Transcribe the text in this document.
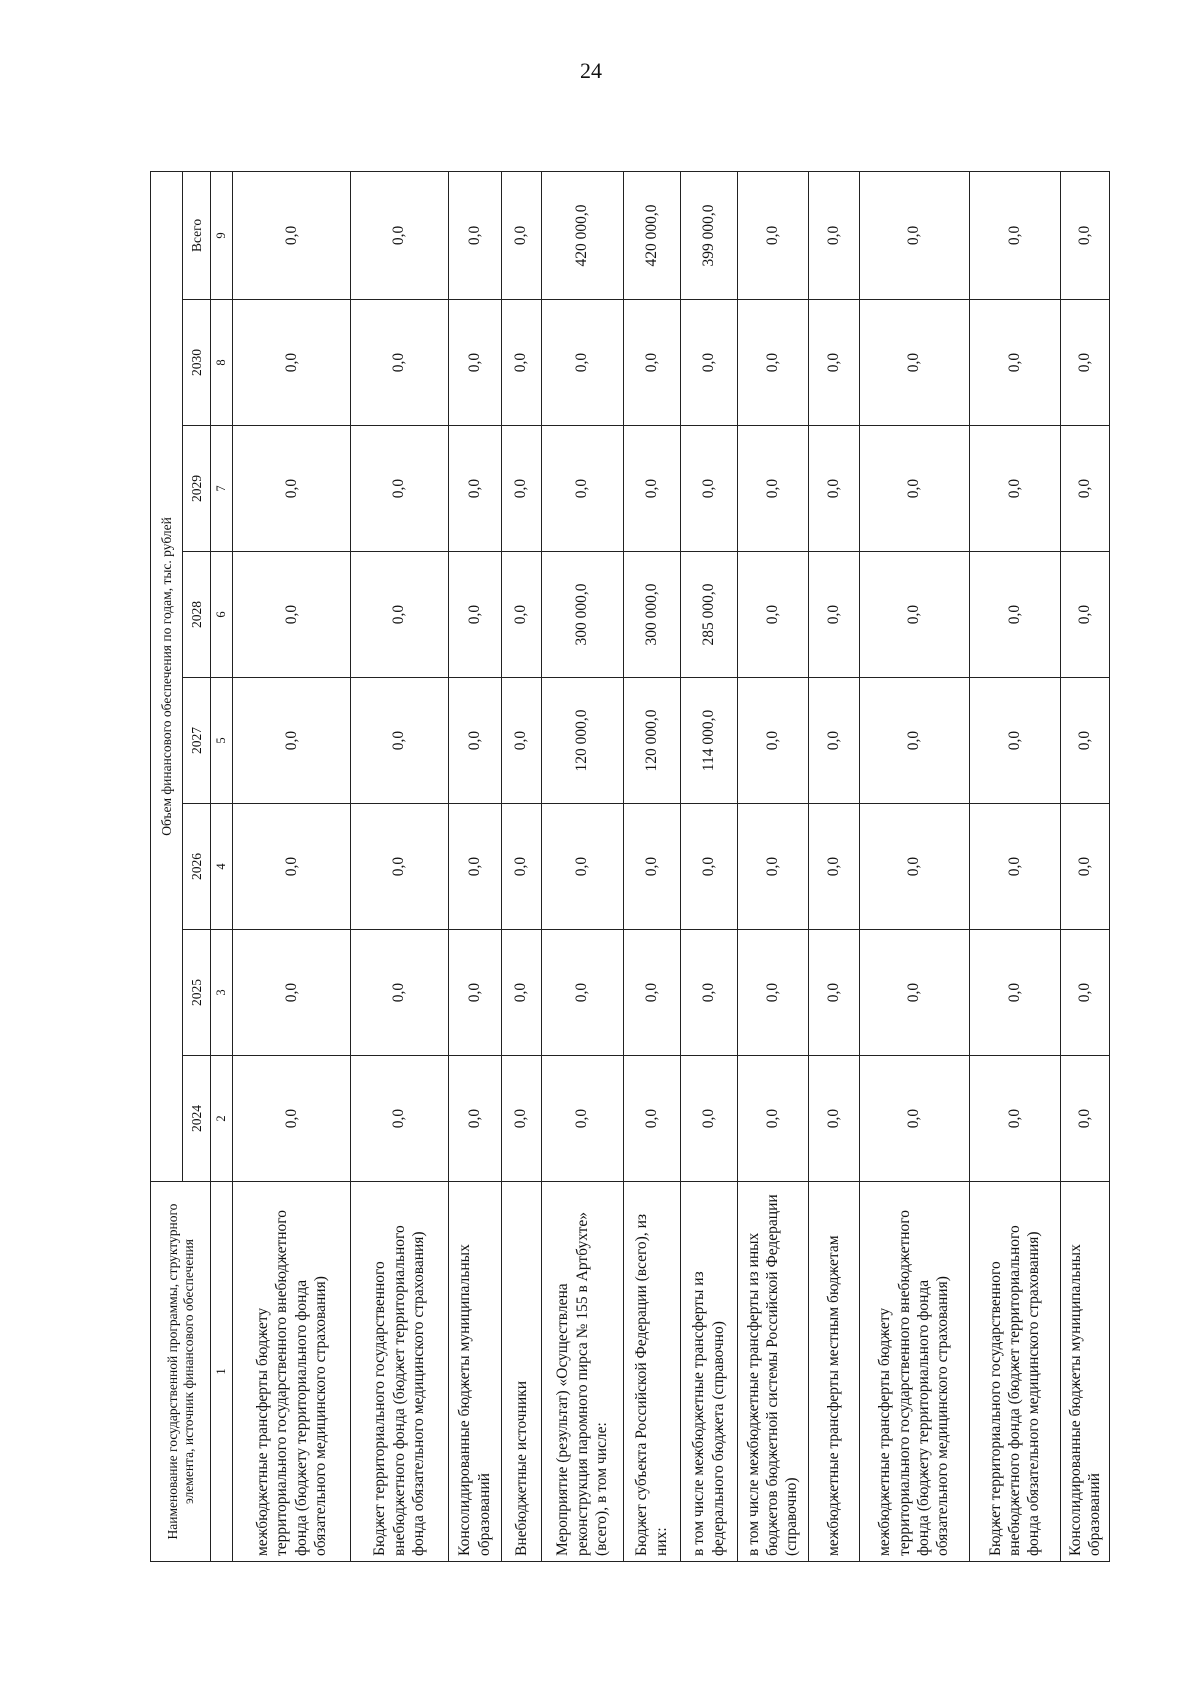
24
Наименование государственной программы, структурного элемента, источник финансового обеспечения	Объем финансового обеспечения по годам, тыс. рублей							
	2024	2025	2026	2027	2028	2029	2030	Всего
1	2	3	4	5	6	7	8	9
межбюджетные трансферты бюджету территориального государственного внебюджетного фонда (бюджету территориального фонда обязательного медицинского страхования)	0,0	0,0	0,0	0,0	0,0	0,0	0,0	0,0
Бюджет территориального государственного внебюджетного фонда (бюджет территориального фонда обязательного медицинского страхования)	0,0	0,0	0,0	0,0	0,0	0,0	0,0	0,0
Консолидированные бюджеты муниципальных образований	0,0	0,0	0,0	0,0	0,0	0,0	0,0	0,0
Внебюджетные источники	0,0	0,0	0,0	0,0	0,0	0,0	0,0	0,0
Мероприятие (результат) «Осуществлена реконструкция паромного пирса № 155 в Артбухте» (всего), в том числе:	0,0	0,0	0,0	120 000,0	300 000,0	0,0	0,0	420 000,0
Бюджет субъекта Российской Федерации (всего), из них:	0,0	0,0	0,0	120 000,0	300 000,0	0,0	0,0	420 000,0
в том числе межбюджетные трансферты из федерального бюджета (справочно)	0,0	0,0	0,0	114 000,0	285 000,0	0,0	0,0	399 000,0
в том числе межбюджетные трансферты из иных бюджетов бюджетной системы Российской Федерации (справочно)	0,0	0,0	0,0	0,0	0,0	0,0	0,0	0,0
межбюджетные трансферты местным бюджетам	0,0	0,0	0,0	0,0	0,0	0,0	0,0	0,0
межбюджетные трансферты бюджету территориального государственного внебюджетного фонда (бюджету территориального фонда обязательного медицинского страхования)	0,0	0,0	0,0	0,0	0,0	0,0	0,0	0,0
Бюджет территориального государственного внебюджетного фонда (бюджет территориального фонда обязательного медицинского страхования)	0,0	0,0	0,0	0,0	0,0	0,0	0,0	0,0
Консолидированные бюджеты муниципальных образований	0,0	0,0	0,0	0,0	0,0	0,0	0,0	0,0
